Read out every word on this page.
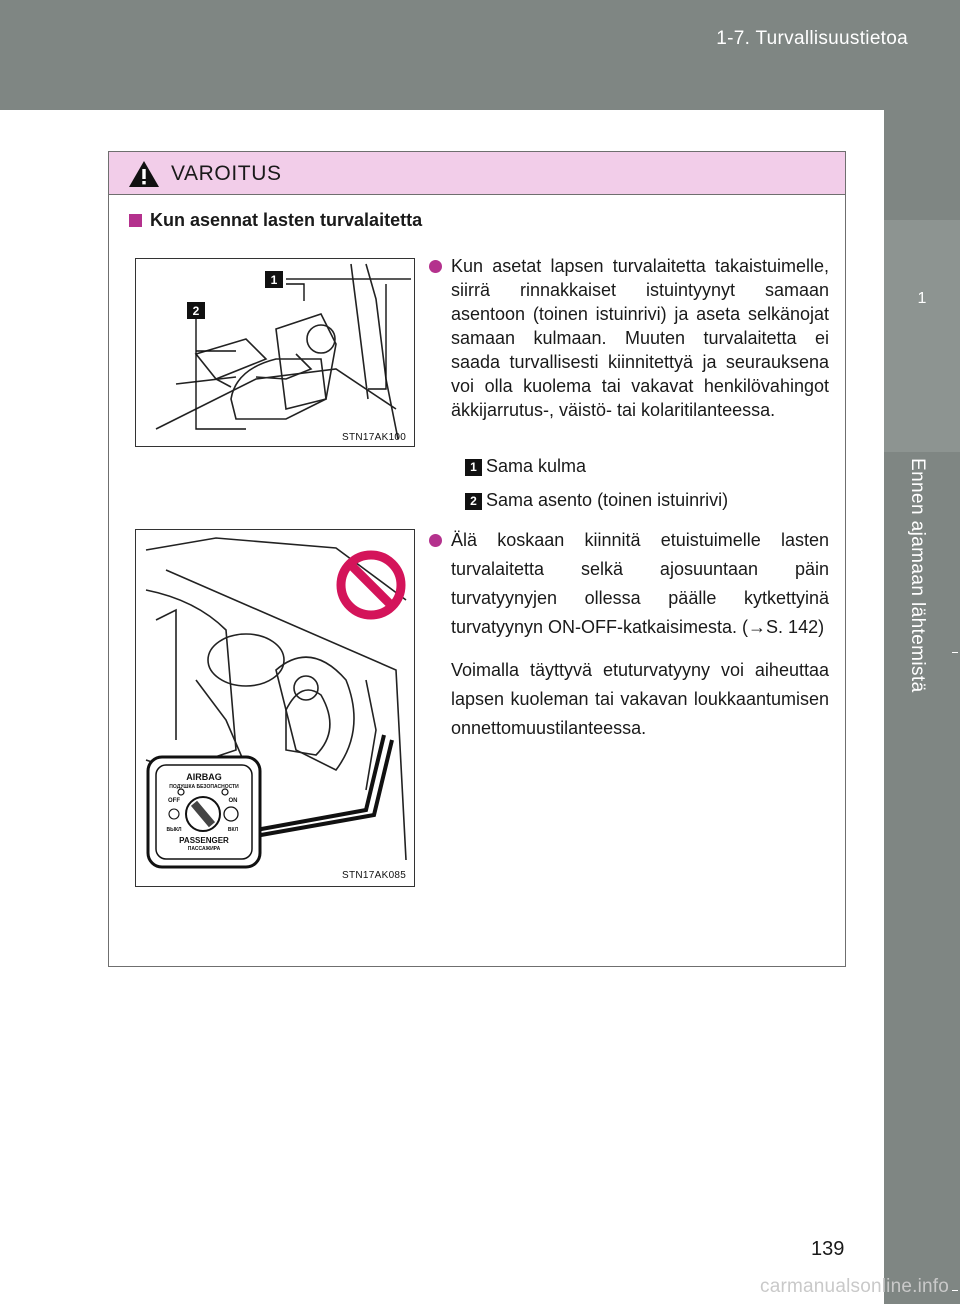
1-7. Turvallisuustietoa
1
Ennen ajamaan lähtemistä
VAROITUS
Kun asennat lasten turvalaitetta
1
2
STN17AK100
AIRBAG
ПОДУШКА БЕЗОПАСНОСТИ
OFF	ON
ВЫКЛ	ВКЛ
PASSENGER
ПАССАЖИРА
STN17AK085

Kun asetat lapsen turvalaitetta takaistuimelle, siirrä rinnakkaiset istuintyynyt samaan asentoon (toinen istuinrivi) ja aseta selkänojat samaan kulmaan. Muuten turvalaitetta ei saada turvallisesti kiinnitettyä ja seurauksena voi olla kuolema tai vakavat henkilövahingot äkkijarrutus-, väistö- tai kolaritilanteessa.

1 Sama kulma
2 Sama asento (toinen istuinrivi)

Älä koskaan kiinnitä etuistuimelle lasten turvalaitetta selkä ajosuuntaan päin turvatyynyjen ollessa päälle kytkettyinä turvatyynyn ON-OFF-katkaisimesta. (→S. 142)

Voimalla täyttyvä etuturvatyyny voi aiheuttaa lapsen kuoleman tai vakavan loukkaantumisen onnettomuustilanteessa.
139
carmanualsonline.info
